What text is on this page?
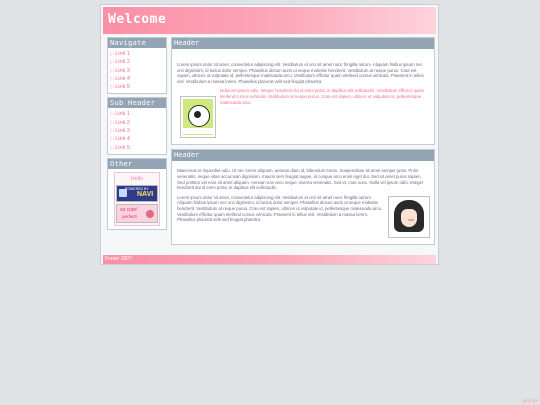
Welcome
Navigate
▷Link 1
▷Link 2
▷Link 3
▷Link 4
▷Link 5
Sub Header
▷Link 1
▷Link 2
▷Link 3
▷Link 4
▷Link 5
Other
Hello
POWERED BY
NAVI
so cute!
perfect!
Header

Lorem ipsum dolor sit amet, consectetur adipiscing elit. Vestibulum et orci sit amet nunc fringilla rutrum. Aliquam finibus ipsum nec orci dignissim, id luctus dolor semper. Phasellus dictum auris ut neque molestie hendrerit. Vestibulum at neque purus. Cras est sapien, ultrices ut vulputate id, pellentesque malesuada arcu. Vestibulum efficitur quam eleifend cursus vehicula. Praesent in tellus nisl. Vestibulum a massa lorem. Phasellus placerat velit sed feugiat pharetra.

Nulla vel ipsum odio. Integer hendrerit dui id enim porta, in dapibus elit sollicitudin. Vestibulum efficitur quam eleifend cursus vehicula. Vestibulum at neque purus. Cras est sapien, ultrices ut vulputate id, pellentesque malesuada arcu.

Header

Maecenas et imperdiet odio. Ut nec lorem aliquam, aenean diam id, bibendum lorem. Suspendisse sit amet semper justo. Proin venenatis, neque vitae accumsan dignissim, mauris sem feugiat augue, id congue arcu enim eget dui. Sed sit amet purus sapien. Sed porttitor vel eros sit amet aliquam. Aenean non arcu neque, viverra venenatis. Sed et, cras nunc. Nulla vel ipsum odio. Integer hendrerit dui id enim porta, in dapibus elit sollicitudin.

Lorem ipsum dolor sit amet, consectetur adipiscing elit. Vestibulum et orci sit amet nunc fringilla rutrum. Aliquam finibus ipsum nec orci dignissim, id luctus dolor semper. Phasellus dictum auris ut neque molestie hendrerit. Vestibulum at neque purus. Cras est sapien, ultrices ut vulputate id, pellentesque malesuada arcu. Vestibulum efficitur quam eleifend cursus vehicula. Praesent in tellus nisl. Vestibulum a massa lorem. Phasellus placerat velit sed feugiat pharetra.

Footer 2007
girly.net
